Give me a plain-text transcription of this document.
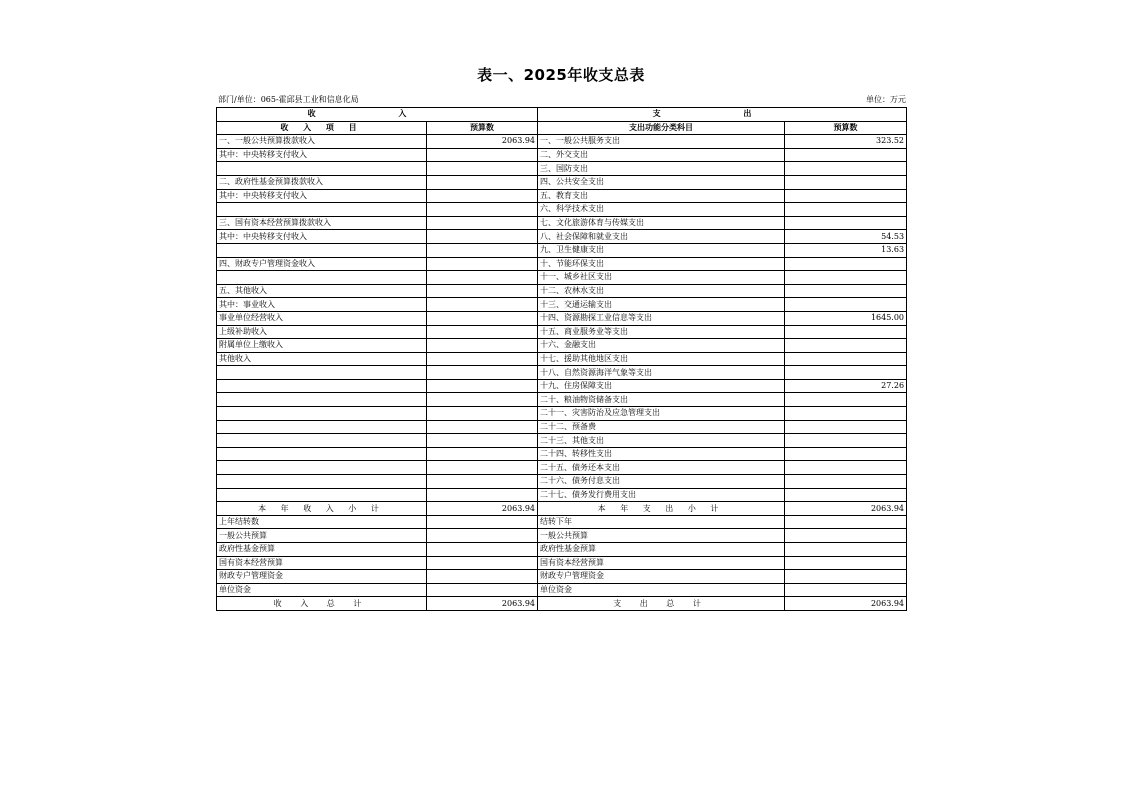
表一、2025年收支总表
部门/单位：065-霍邱县工业和信息化局	单位：万元
收 入		支 出	
收 入 项 目	预算数	支出功能分类科目	预算数
一、一般公共预算拨款收入	2063.94	一、一般公共服务支出	323.52
其中：中央转移支付收入		二、外交支出	
		三、国防支出	
二、政府性基金预算拨款收入		四、公共安全支出	
其中：中央转移支付收入		五、教育支出	
		六、科学技术支出	
三、国有资本经营预算拨款收入		七、文化旅游体育与传媒支出	
其中：中央转移支付收入		八、社会保障和就业支出	54.53
		九、卫生健康支出	13.63
四、财政专户管理资金收入		十、节能环保支出	
		十一、城乡社区支出	
五、其他收入		十二、农林水支出	
其中：事业收入		十三、交通运输支出	
事业单位经营收入		十四、资源勘探工业信息等支出	1645.00
上级补助收入		十五、商业服务业等支出	
附属单位上缴收入		十六、金融支出	
其他收入		十七、援助其他地区支出	
		十八、自然资源海洋气象等支出	
		十九、住房保障支出	27.26
		二十、粮油物资储备支出	
		二十一、灾害防治及应急管理支出	
		二十二、预备费	
		二十三、其他支出	
		二十四、转移性支出	
		二十五、债务还本支出	
		二十六、债务付息支出	
		二十七、债务发行费用支出	
本 年 收 入 小 计	2063.94	本 年 支 出 小 计	2063.94
上年结转数		结转下年	
一般公共预算		一般公共预算	
政府性基金预算		政府性基金预算	
国有资本经营预算		国有资本经营预算	
财政专户管理资金		财政专户管理资金	
单位资金		单位资金	
收 入 总 计	2063.94	支 出 总 计	2063.94
